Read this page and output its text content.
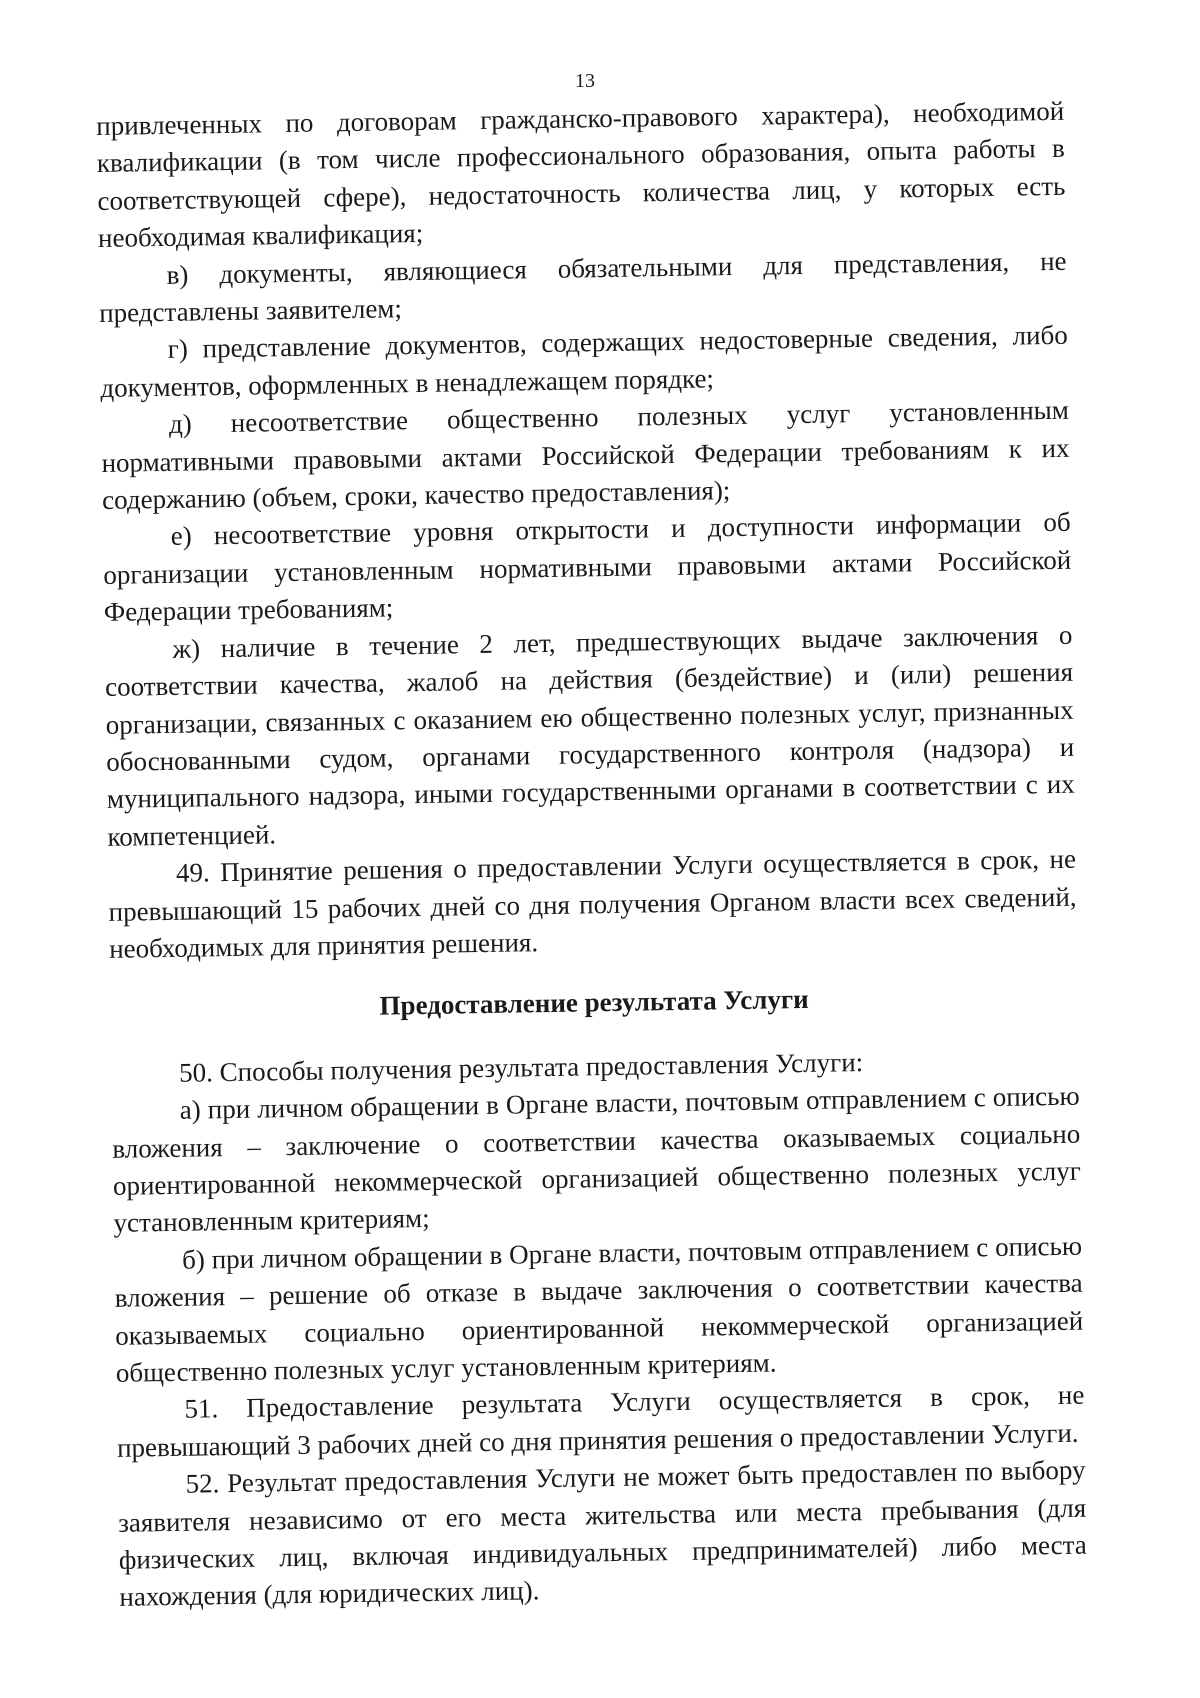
13

привлеченных по договорам гражданско-правового характера), необходимой квалификации (в том числе профессионального образования, опыта работы в соответствующей сфере), недостаточность количества лиц, у которых есть необходимая квалификация;

в) документы, являющиеся обязательными для представления, не представлены заявителем;

г) представление документов, содержащих недостоверные сведения, либо документов, оформленных в ненадлежащем порядке;

д) несоответствие общественно полезных услуг установленным нормативными правовыми актами Российской Федерации требованиям к их содержанию (объем, сроки, качество предоставления);

е) несоответствие уровня открытости и доступности информации об организации установленным нормативными правовыми актами Российской Федерации требованиям;

ж) наличие в течение 2 лет, предшествующих выдаче заключения о соответствии качества, жалоб на действия (бездействие) и (или) решения организации, связанных с оказанием ею общественно полезных услуг, признанных обоснованными судом, органами государственного контроля (надзора) и муниципального надзора, иными государственными органами в соответствии с их компетенцией.

49. Принятие решения о предоставлении Услуги осуществляется в срок, не превышающий 15 рабочих дней со дня получения Органом власти всех сведений, необходимых для принятия решения.

Предоставление результата Услуги

50. Способы получения результата предоставления Услуги:

а) при личном обращении в Органе власти, почтовым отправлением с описью вложения – заключение о соответствии качества оказываемых социально ориентированной некоммерческой организацией общественно полезных услуг установленным критериям;

б) при личном обращении в Органе власти, почтовым отправлением с описью вложения – решение об отказе в выдаче заключения о соответствии качества оказываемых социально ориентированной некоммерческой организацией общественно полезных услуг установленным критериям.

51. Предоставление результата Услуги осуществляется в срок, не превышающий 3 рабочих дней со дня принятия решения о предоставлении Услуги.

52. Результат предоставления Услуги не может быть предоставлен по выбору заявителя независимо от его места жительства или места пребывания (для физических лиц, включая индивидуальных предпринимателей) либо места нахождения (для юридических лиц).
